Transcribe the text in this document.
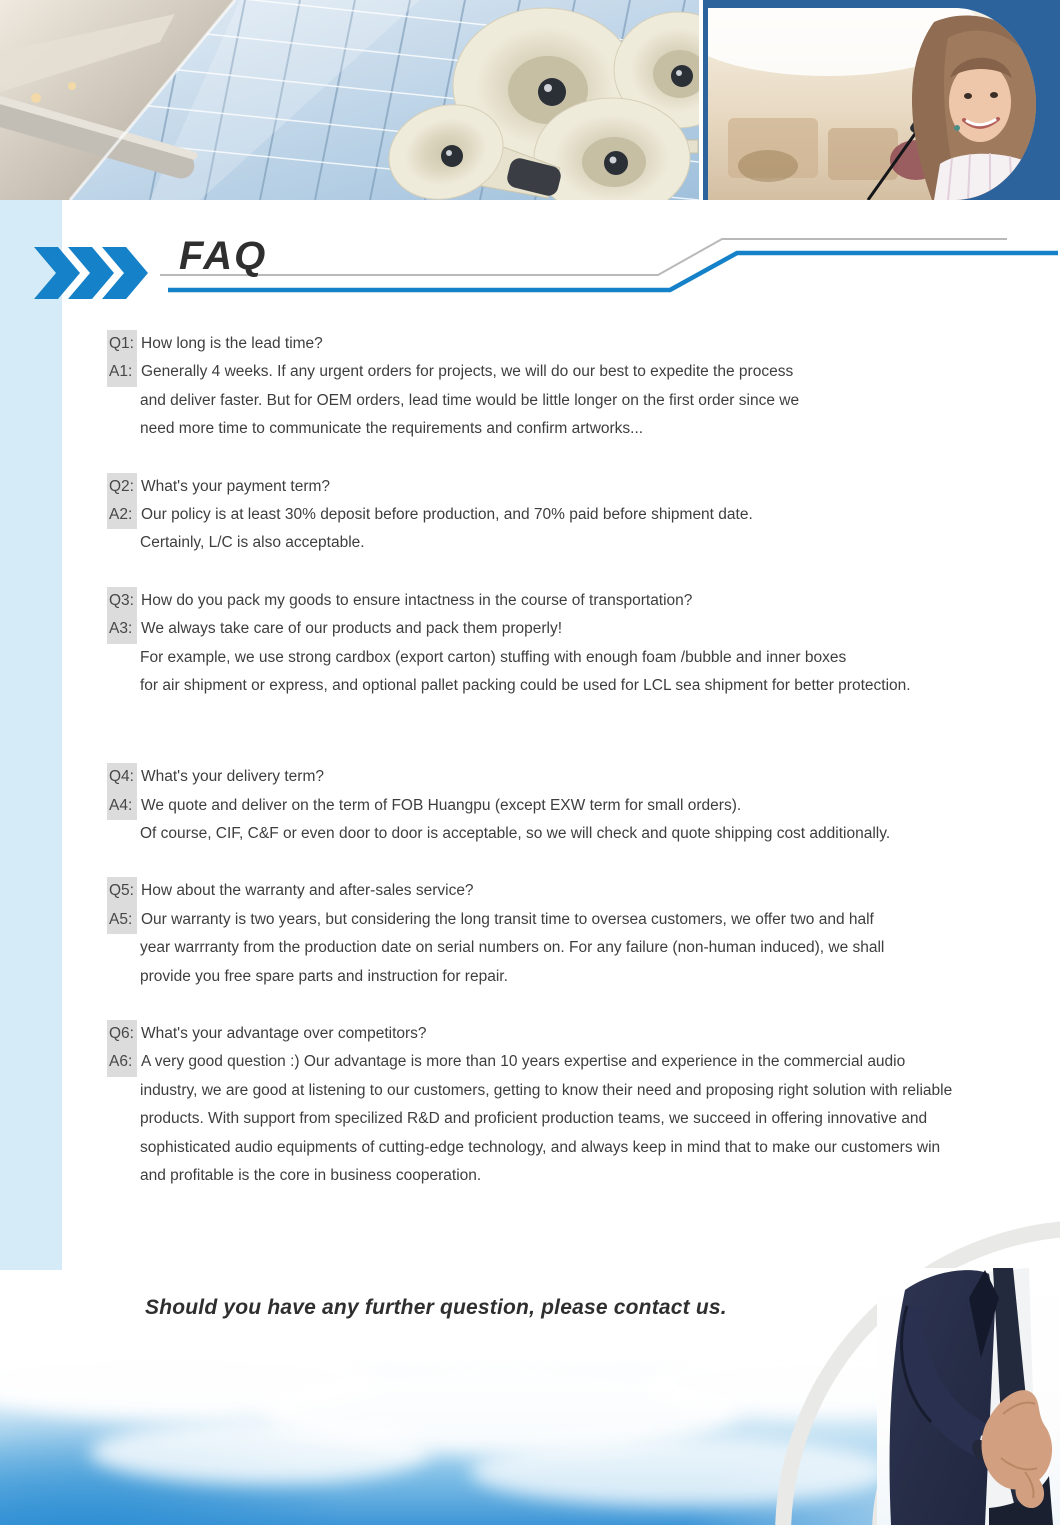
FAQ
Q1: How long is the lead time?
A1: Generally 4 weeks. If any urgent orders for projects, we will do our best to expedite the process
and deliver faster. But for OEM orders, lead time would be little longer on the first order since we
need more time to communicate the requirements and confirm artworks...
Q2: What's your payment term?
A2: Our policy is at least 30% deposit before production, and 70% paid before shipment date.
Certainly, L/C is also acceptable.
Q3: How do you pack my goods to ensure intactness in the course of transportation?
A3: We always take care of our products and pack them properly!
For example, we use strong cardbox (export carton) stuffing with enough foam /bubble and inner boxes
for air shipment or express, and optional pallet packing could be used for LCL sea shipment for better protection.
Q4: What's your delivery term?
A4: We quote and deliver on the term of FOB Huangpu (except EXW term for small orders).
Of course, CIF, C&F or even door to door is acceptable, so we will check and quote shipping cost additionally.
Q5: How about the warranty and after-sales service?
A5: Our warranty is two years, but considering the long transit time to oversea customers, we offer two and half
year warrranty from the production date on serial numbers on. For any failure (non-human induced), we shall
provide you free spare parts and instruction for repair.
Q6: What's your advantage over competitors?
A6: A very good question :) Our advantage is more than 10 years expertise and experience in the commercial audio
industry, we are good at listening to our customers, getting to know their need and proposing right solution with reliable
products. With support from specilized R&D and proficient production teams, we succeed in offering innovative and
sophisticated audio equipments of cutting-edge technology, and always keep in mind that to make our customers win
and profitable is the core in business cooperation.
Should you have any further question, please contact us.
